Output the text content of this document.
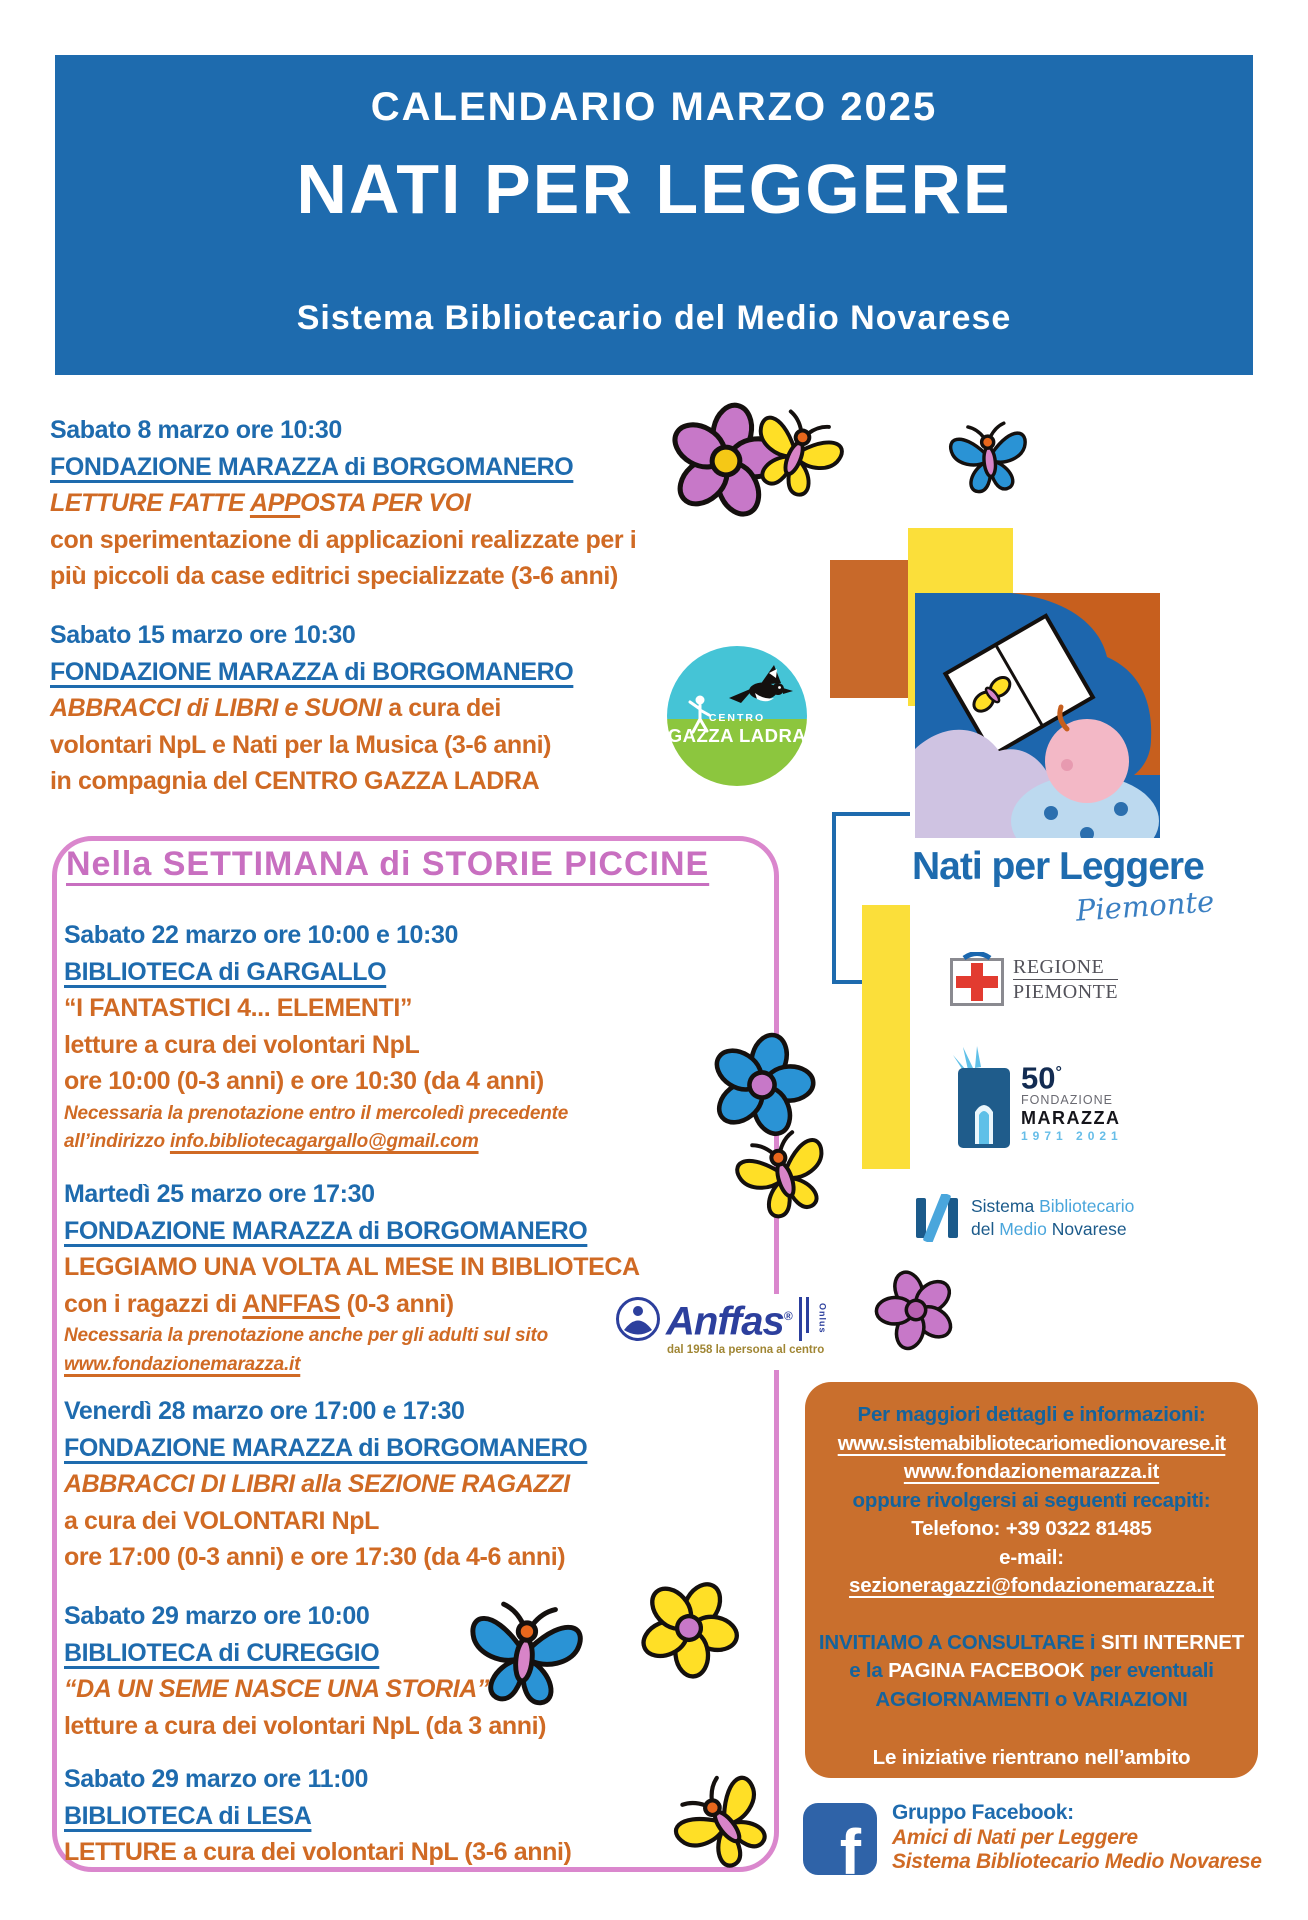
CALENDARIO MARZO 2025
NATI PER LEGGERE
Sistema Bibliotecario del Medio Novarese
Sabato 8 marzo ore 10:30
FONDAZIONE MARAZZA di BORGOMANERO
LETTURE FATTE APPOSTA PER VOI
con sperimentazione di applicazioni realizzate per i
più piccoli da case editrici specializzate (3-6 anni)
Sabato 15 marzo ore 10:30
FONDAZIONE MARAZZA di BORGOMANERO
ABBRACCI di LIBRI e SUONI a cura dei
volontari NpL e Nati per la Musica (3-6 anni)
in compagnia del CENTRO GAZZA LADRA
CENTRO
GAZZA LADRA
Nella SETTIMANA di STORIE PICCINE
Sabato 22 marzo ore 10:00 e 10:30
BIBLIOTECA di GARGALLO
“I FANTASTICI 4... ELEMENTI”
letture a cura dei volontari NpL
ore 10:00 (0-3 anni) e ore 10:30 (da 4 anni)
Necessaria la prenotazione entro il mercoledì precedente
all’indirizzo info.bibliotecagargallo@gmail.com
Martedì 25 marzo ore 17:30
FONDAZIONE MARAZZA di BORGOMANERO
LEGGIAMO UNA VOLTA AL MESE IN BIBLIOTECA
con i ragazzi di ANFFAS (0-3 anni)
Necessaria la prenotazione anche per gli adulti sul sito
www.fondazionemarazza.it
Venerdì 28 marzo ore 17:00 e 17:30
FONDAZIONE MARAZZA di BORGOMANERO
ABBRACCI DI LIBRI alla SEZIONE RAGAZZI
a cura dei VOLONTARI NpL
ore 17:00 (0-3 anni) e ore 17:30 (da 4-6 anni)
Sabato 29 marzo ore 10:00
BIBLIOTECA di CUREGGIO
“DA UN SEME NASCE UNA STORIA”
letture a cura dei volontari NpL (da 3 anni)
Sabato 29 marzo ore 11:00
BIBLIOTECA di LESA
LETTURE a cura dei volontari NpL (3-6 anni)
Nati per Leggere
Piemonte
REGIONE
PIEMONTE
50°
FONDAZIONE
MARAZZA
1971 2021
Sistema Bibliotecario
del Medio Novarese
Anffas®	Onlus
dal 1958 la persona al centro
Per maggiori dettagli e informazioni:
www.sistemabibliotecariomedionovarese.it
www.fondazionemarazza.it
oppure rivolgersi ai seguenti recapiti:
Telefono: +39 0322 81485
e-mail: sezioneragazzi@fondazionemarazza.it
INVITIAMO A CONSULTARE i SITI INTERNET
e la PAGINA FACEBOOK per eventuali
AGGIORNAMENTI o VARIAZIONI
Le iniziative rientrano nell’ambito
di Nati per Leggere Piemonte
f
Gruppo Facebook:
Amici di Nati per Leggere
Sistema Bibliotecario Medio Novarese
